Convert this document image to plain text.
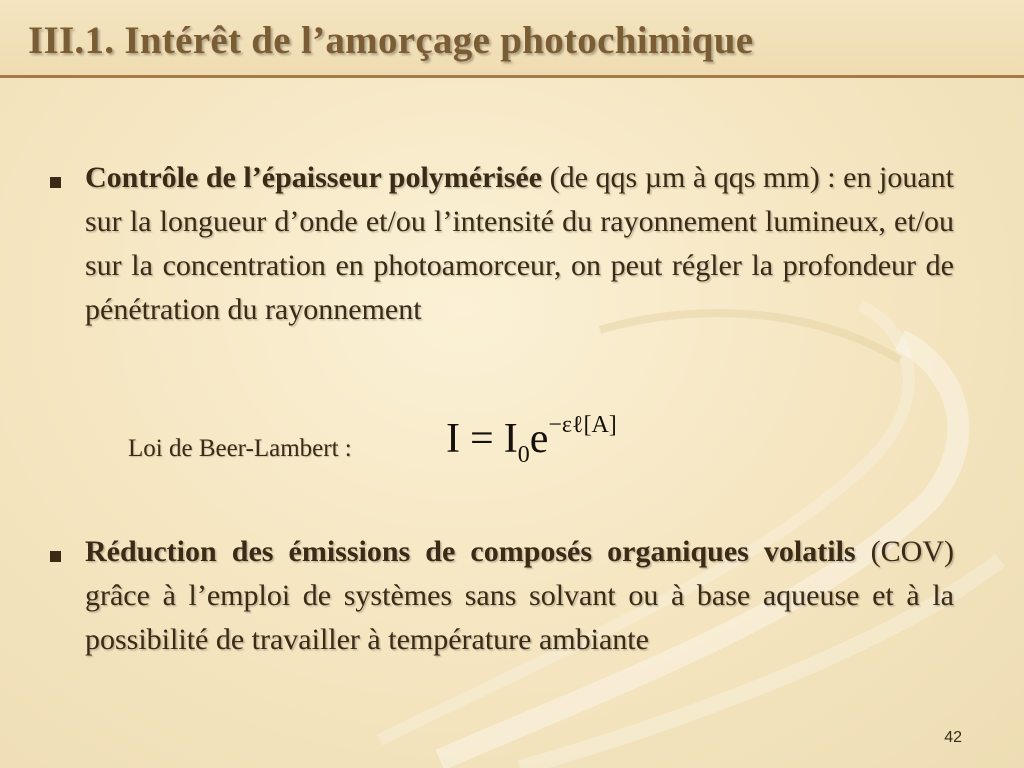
III.1. Intérêt de l’amorçage photochimique

Contrôle de l’épaisseur polymérisée (de qqs µm à qqs mm) : en jouant sur la longueur d’onde et/ou l’intensité du rayonnement lumineux, et/ou sur la concentration en photoamorceur, on peut régler la profondeur de pénétration du rayonnement

Loi de Beer-Lambert : I = I0e−εℓ[A]

Réduction des émissions de composés organiques volatils (COV) grâce à l’emploi de systèmes sans solvant ou à base aqueuse et à la possibilité de travailler à température ambiante

42
